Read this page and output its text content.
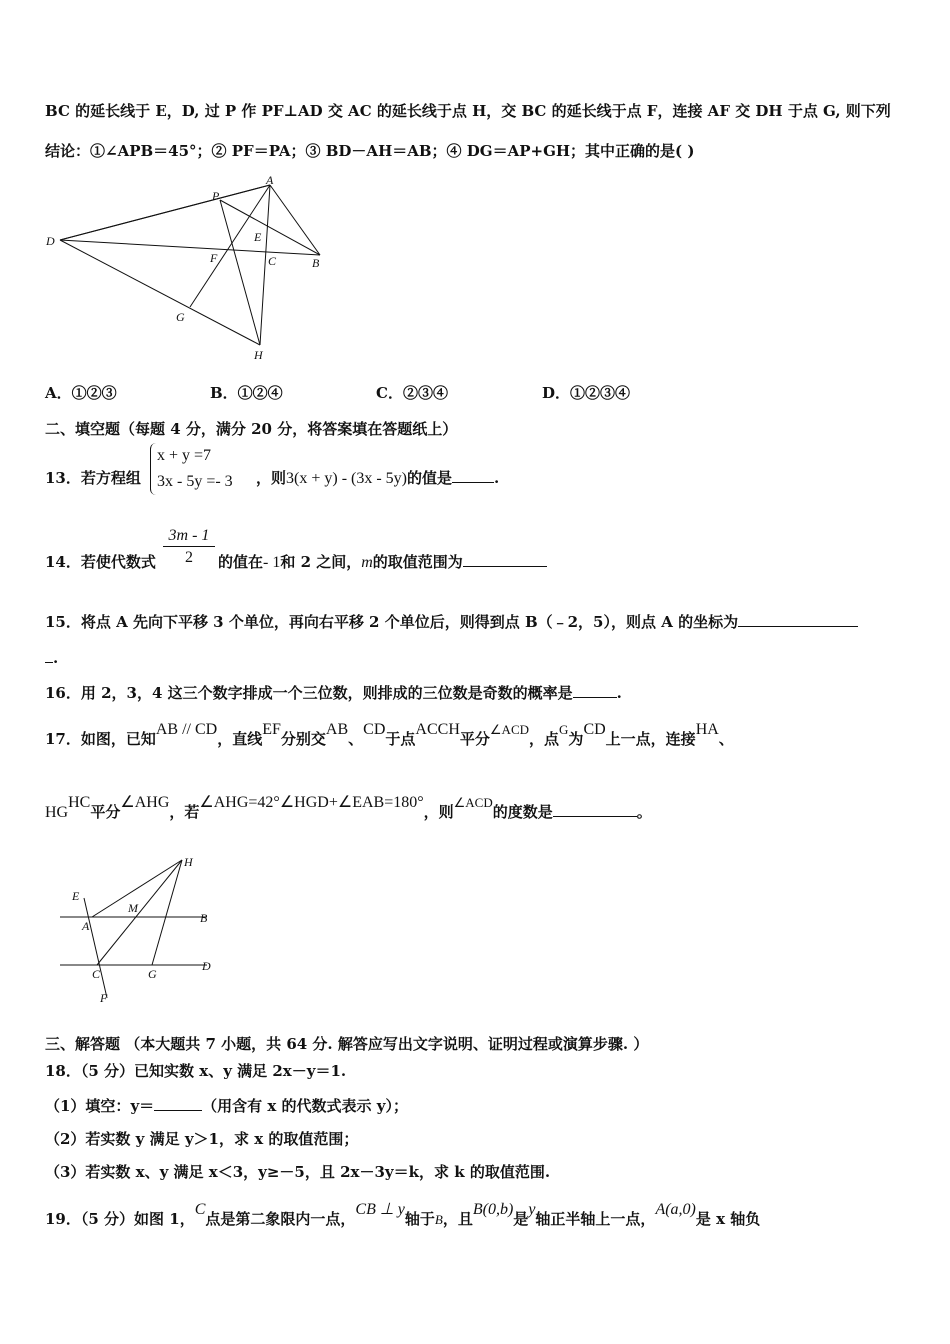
BC 的延长线于 E，D, 过 P 作 PF⊥AD 交 AC 的延长线于点 H，交 BC 的延长线于点 F，连接 AF 交 DH 于点 G, 则下列
结论：①∠APB＝45°；② PF＝PA；③ BD－AH＝AB；④ DG＝AP+GH；其中正确的是( )
A
P
D	E
F	C	B
G
H
A．①②③	B．①②④	C．②③④	D．①②③④
二、填空题（每题 4 分，满分 20 分，将答案填在答题纸上）
13．若方程组
x + y =7
3x - 5y =- 3 ，则3(x + y) - (3x - 5y)的值是	.
14．若使代数式 $\frac{3m - 1}{2}$ 的值在- 1和 2 之间，m的取值范围为
15．将点 A 先向下平移 3 个单位，再向右平移 2 个单位后，则得到点 B（﹣2，5），则点 A 的坐标为
.
16．用 2，3，4 这三个数字排成一个三位数，则排成的三位数是奇数的概率是	.
17．如图，已知AB // CD，直线EF分别交AB、CD于点ACCH平分∠ACD，点G为CD上一点，连接HA、
HGHC平分∠AHG，若∠AHG=42°∠HGD+∠EAB=180°，则∠ACD的度数是	。
H
E
M
B
A
C	G
D
F
三、解答题 （本大题共 7 小题，共 64 分. 解答应写出文字说明、证明过程或演算步骤. ）
18．（5 分）已知实数 x、y 满足 2x－y＝1.
（1）填空：y＝	（用含有 x 的代数式表示 y）；
（2）若实数 y 满足 y＞1，求 x 的取值范围；
（3）若实数 x、y 满足 x＜3，y≥－5，且 2x－3y＝k，求 k 的取值范围.
19．（5 分）如图 1，C点是第二象限内一点，CB ⊥ y轴于B，且B(0,b)是y轴正半轴上一点，A(a,0)是 x 轴负
